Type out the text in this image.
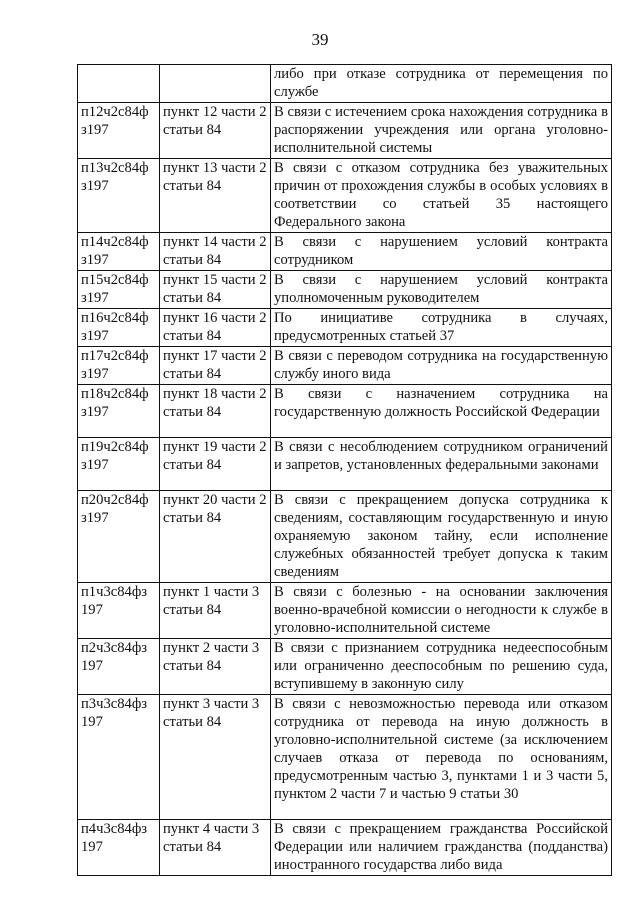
39
		либо при отказе сотрудника от перемещения по службе
п12ч2с84ф з197	пункт 12 части 2 статьи 84	В связи с истечением срока нахождения сотрудника в распоряжении учреждения или органа уголовно-исполнительной системы
п13ч2с84ф з197	пункт 13 части 2 статьи 84	В связи с отказом сотрудника без уважительных причин от прохождения службы в особых условиях в соответствии со статьей 35 настоящего Федерального закона
п14ч2с84ф з197	пункт 14 части 2 статьи 84	В связи с нарушением условий контракта сотрудником
п15ч2с84ф з197	пункт 15 части 2 статьи 84	В связи с нарушением условий контракта уполномоченным руководителем
п16ч2с84ф з197	пункт 16 части 2 статьи 84	По инициативе сотрудника в случаях, предусмотренных статьей 37
п17ч2с84ф з197	пункт 17 части 2 статьи 84	В связи с переводом сотрудника на государственную службу иного вида
п18ч2с84ф з197	пункт 18 части 2 статьи 84	В связи с назначением сотрудника на государственную должность Российской Федерации
п19ч2с84ф з197	пункт 19 части 2 статьи 84	В связи с несоблюдением сотрудником ограничений и запретов, установленных федеральными законами
п20ч2с84ф з197	пункт 20 части 2 статьи 84	В связи с прекращением допуска сотрудника к сведениям, составляющим государственную и иную охраняемую законом тайну, если исполнение служебных обязанностей требует допуска к таким сведениям
п1ч3с84фз 197	пункт 1 части 3 статьи 84	В связи с болезнью - на основании заключения военно-врачебной комиссии о негодности к службе в уголовно-исполнительной системе
п2ч3с84фз 197	пункт 2 части 3 статьи 84	В связи с признанием сотрудника недееспособным или ограниченно дееспособным по решению суда, вступившему в законную силу
п3ч3с84фз 197	пункт 3 части 3 статьи 84	В связи с невозможностью перевода или отказом сотрудника от перевода на иную должность в уголовно-исполнительной системе (за исключением случаев отказа от перевода по основаниям, предусмотренным частью 3, пунктами 1 и 3 части 5, пунктом 2 части 7 и частью 9 статьи 30
п4ч3с84фз 197	пункт 4 части 3 статьи 84	В связи с прекращением гражданства Российской Федерации или наличием гражданства (подданства) иностранного государства либо вида
